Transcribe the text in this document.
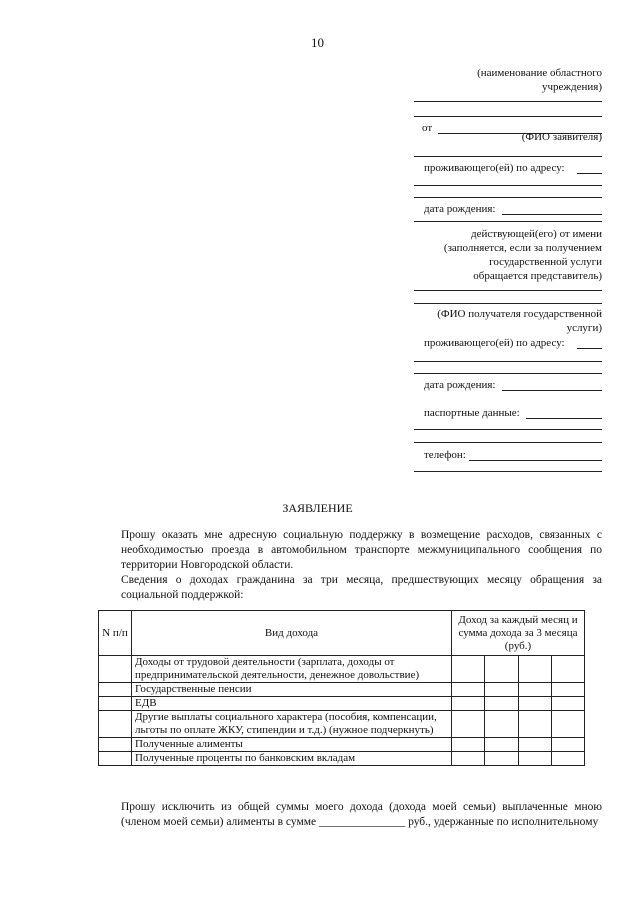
10
(наименование областного
учреждения)
от
(ФИО заявителя)
проживающего(ей) по адресу:
дата рождения:
действующей(его) от имени
(заполняется, если за получением
государственной услуги
обращается представитель)
(ФИО получателя государственной
услуги)
проживающего(ей) по адресу:
дата рождения:
паспортные данные:
телефон:
ЗАЯВЛЕНИЕ
Прошу оказать мне адресную социальную поддержку в возмещение расходов, связанных с необходимостью проезда в автомобильном транспорте межмуниципального сообщения по территории Новгородской области.
Сведения о доходах гражданина за три месяца, предшествующих месяцу обращения за социальной поддержкой:
N п/п	Вид дохода	Доход за каждый месяц и сумма дохода за 3 месяца (руб.)			
	Доходы от трудовой деятельности (зарплата, доходы от предпринимательской деятельности, денежное довольствие)				
	Государственные пенсии				
	ЕДВ				
	Другие выплаты социального характера (пособия, компенсации, льготы по оплате ЖКУ, стипендии и т.д.) (нужное подчеркнуть)				
	Полученные алименты				
	Полученные проценты по банковским вкладам				
Прошу исключить из общей суммы моего дохода (дохода моей семьи) выплаченные мною (членом моей семьи) алименты в сумме _______________ руб., удержанные по исполнительному
